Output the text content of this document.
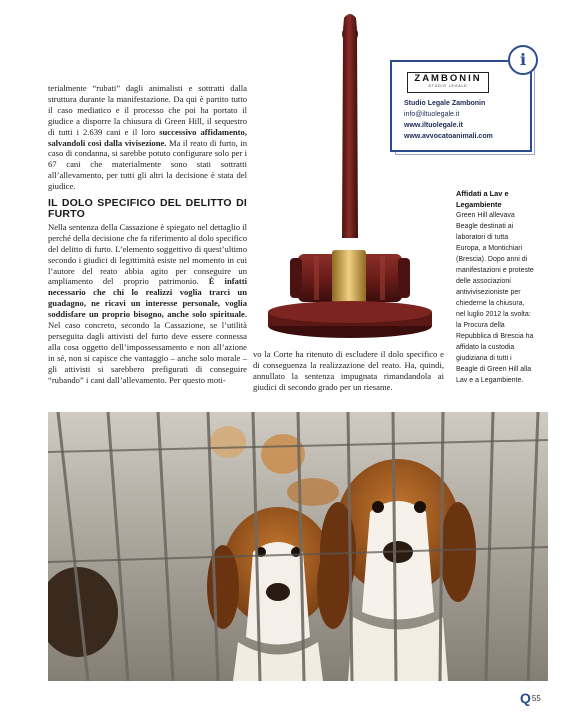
terialmente “rubati” dagli animalisti e sottratti dalla struttura durante la manifestazione. Da qui è partito tutto il caso mediatico e il processo che poi ha portato il giudice a disporre la chiusura di Green Hill, il sequestro di tutti i 2.639 cani e il loro successivo affidamento, salvandoli così dalla vivisezione. Ma il reato di furto, in caso di condanna, si sarebbe potuto configurare solo per i 67 cani che materialmente sono stati sottratti all’allevamento, per tutti gli altri la decisione è stata del giudice.

IL DOLO SPECIFICO DEL DELITTO DI FURTO

Nella sentenza della Cassazione è spiegato nel dettaglio il perché della decisione che fa riferimento al dolo specifico del delitto di furto. L’elemento soggettivo di quest’ultimo secondo i giudici di legittimità esiste nel momento in cui l’autore del reato abbia agito per conseguire un ampliamento del proprio patrimonio. È infatti necessario che chi lo realizzi voglia trarci un guadagno, ne ricavi un interesse personale, voglia soddisfare un proprio bisogno, anche solo spirituale. Nel caso concreto, secondo la Cassazione, se l’utilità perseguita dagli attivisti del furto deve essere connessa alla cosa oggetto dell’impossessamento e non all’azione in sé, non si capisce che vantaggio – anche solo morale – gli attivisti si sarebbero prefigurati di conseguire “rubando” i cani dall’allevamento. Per questo moti-

vo la Corte ha ritenuto di escludere il dolo specifico e di conseguenza la realizzazione del reato. Ha, quindi, annullato la sentenza impugnata rimandandola ai giudici di secondo grado per un riesame.
ZAMBONIN
STUDIO LEGALE
Studio Legale Zambonin
info@iltuolegale.it
www.iltuolegale.it
www.avvocatoanimali.com
i
Affidati a Lav e Legambiente
Green Hill allevava Beagle destinati ai laboratori di tutta Europa, a Montichiari (Brescia). Dopo anni di manifestazioni e proteste delle associazioni antivivisezioniste per chiederne la chiusura, nel luglio 2012 la svolta: la Procura della Repubblica di Brescia ha affidato la custodia giudiziaria di tutti i Beagle di Green Hill alla Lav e a Legambiente.
Q55
